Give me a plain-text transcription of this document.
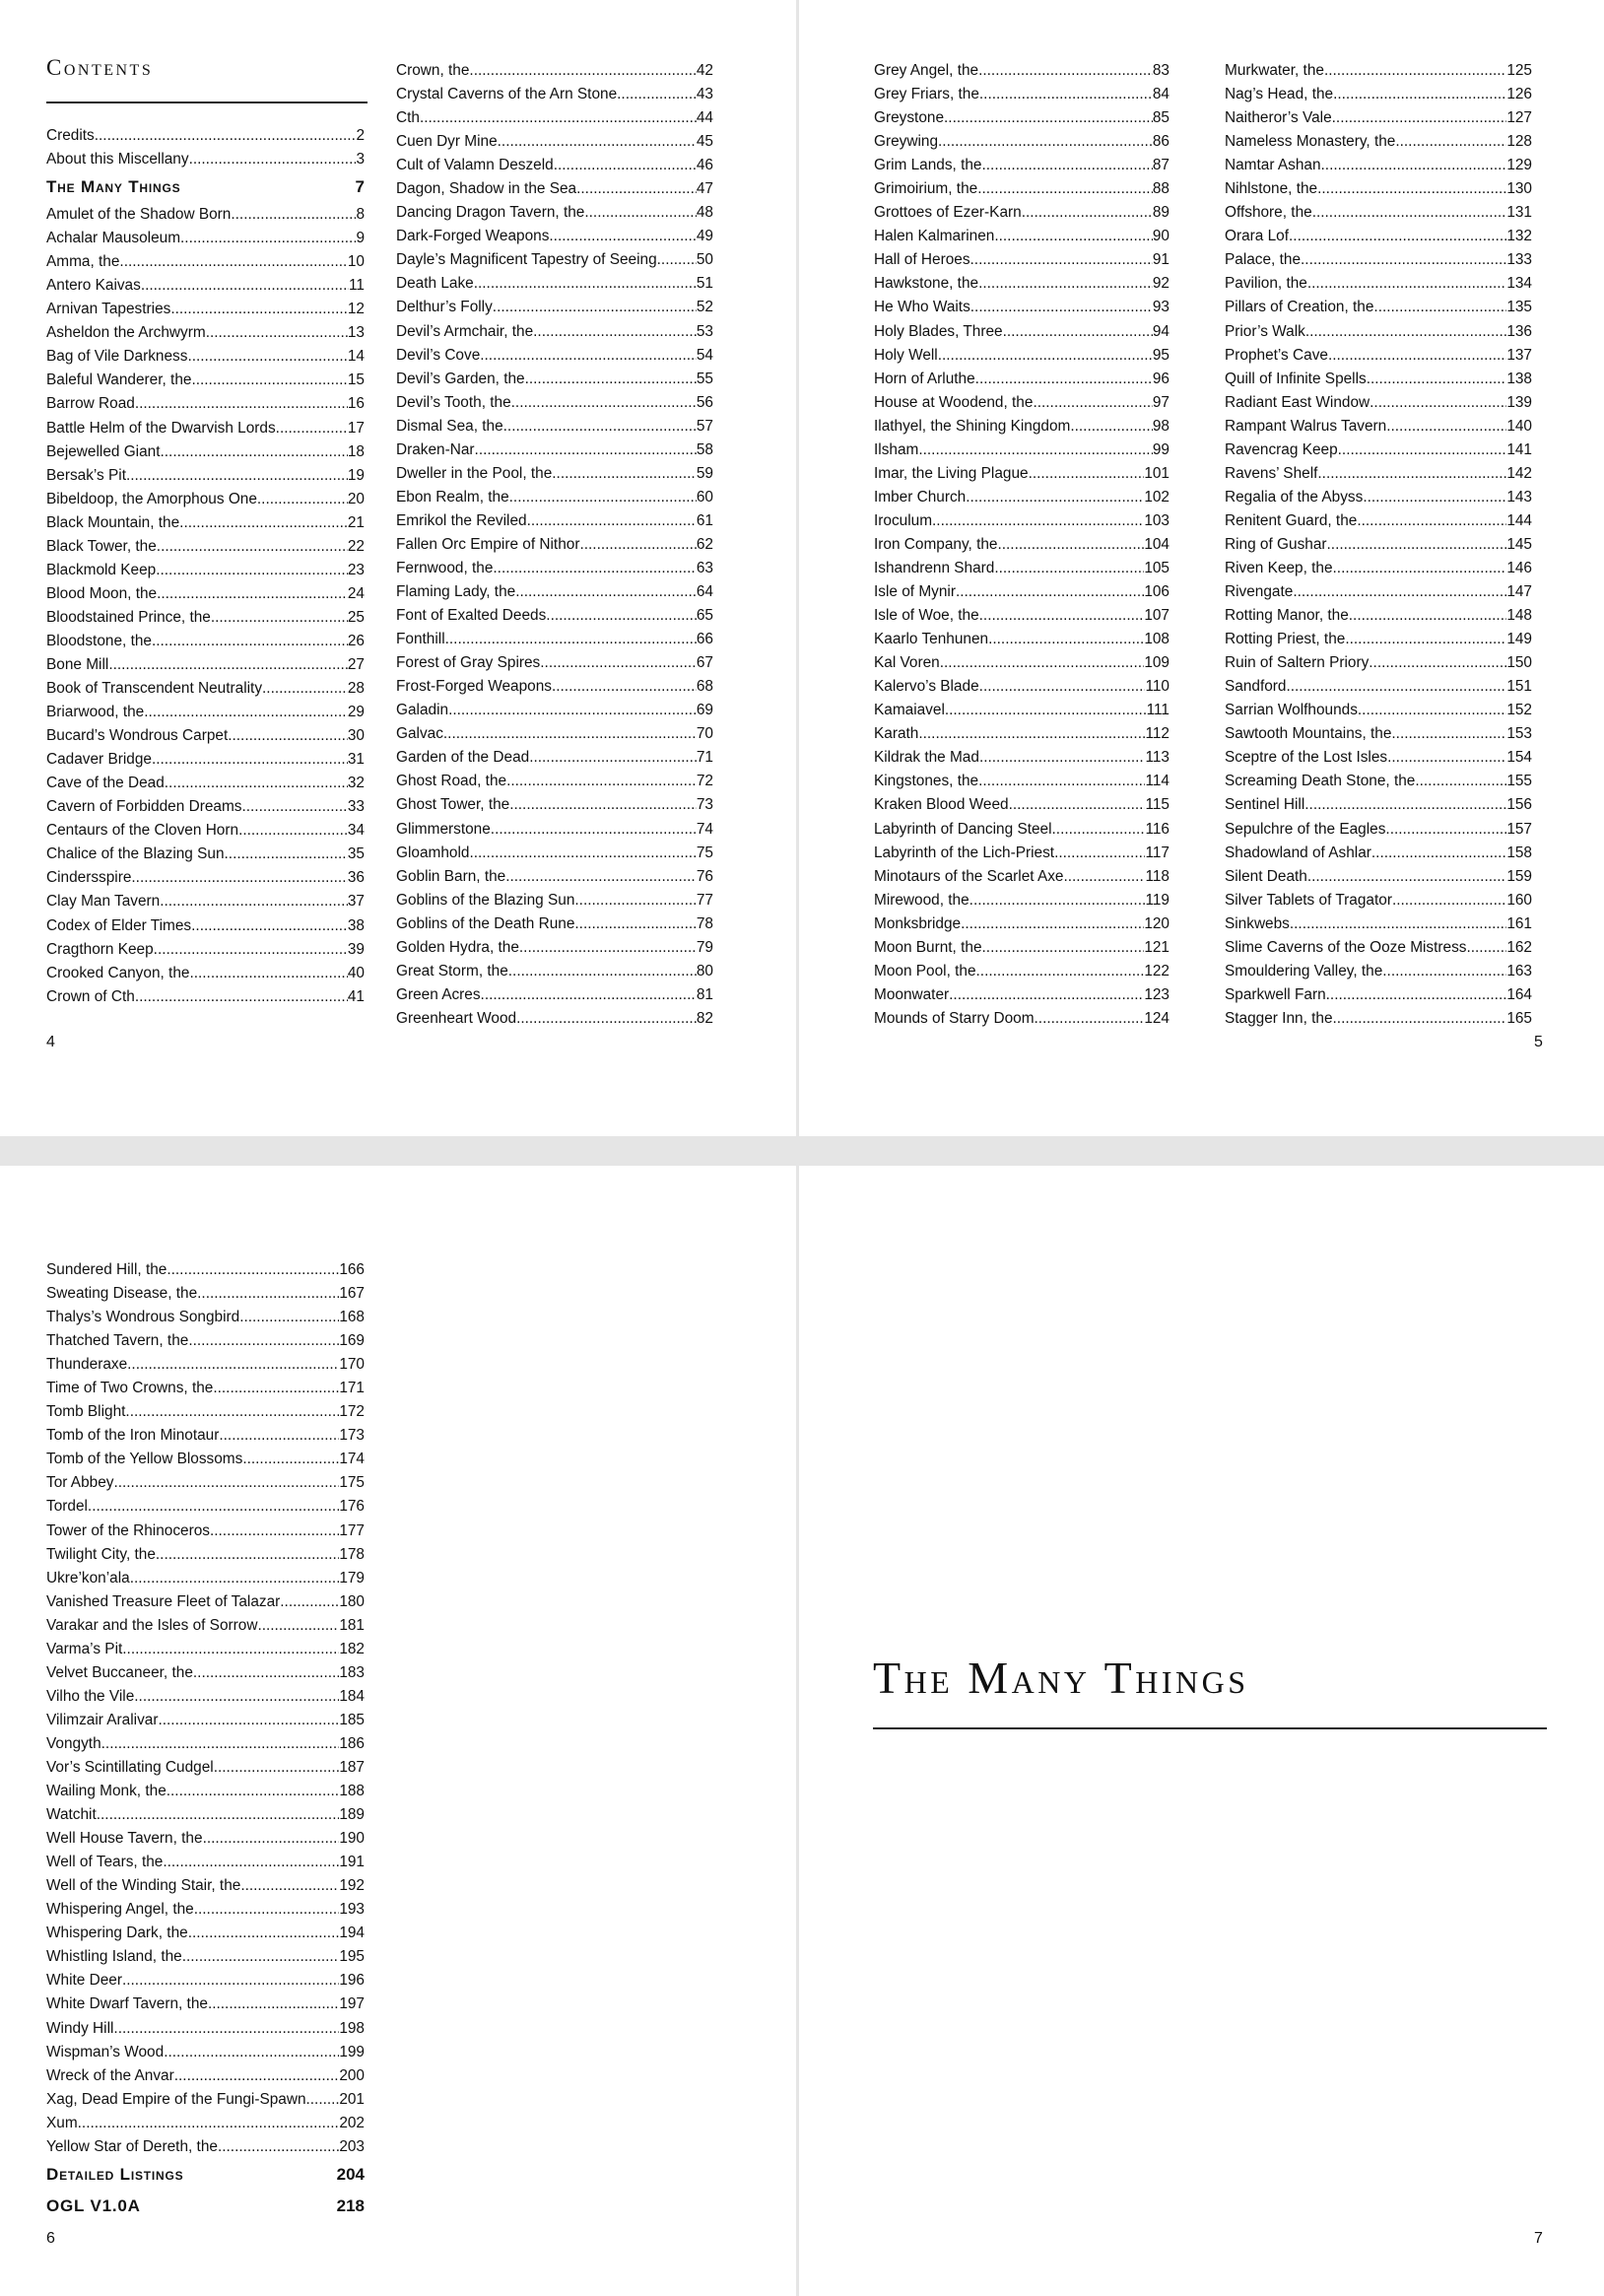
Contents
Credits .....	2
About this Miscellany .....	3
The Many Things	7
Amulet of the Shadow Born .....	8
Achalar Mausoleum .....	9
Amma, the .....	10
Antero Kaivas .....	11
Arnivan Tapestries .....	12
Asheldon the Archwyrm .....	13
Bag of Vile Darkness .....	14
Baleful Wanderer, the .....	15
Barrow Road .....	16
Battle Helm of the Dwarvish Lords .....	17
Bejewelled Giant .....	18
Bersak’s Pit .....	19
Bibeldoop, the Amorphous One .....	20
Black Mountain, the .....	21
Black Tower, the .....	22
Blackmold Keep .....	23
Blood Moon, the .....	24
Bloodstained Prince, the .....	25
Bloodstone, the .....	26
Bone Mill .....	27
Book of Transcendent Neutrality .....	28
Briarwood, the .....	29
Bucard’s Wondrous Carpet .....	30
Cadaver Bridge .....	31
Cave of the Dead .....	32
Cavern of Forbidden Dreams .....	33
Centaurs of the Cloven Horn .....	34
Chalice of the Blazing Sun .....	35
Cindersspire .....	36
Clay Man Tavern .....	37
Codex of Elder Times .....	38
Cragthorn Keep .....	39
Crooked Canyon, the .....	40
Crown of Cth .....	41
Crown, the .....	42
Crystal Caverns of the Arn Stone .....	43
Cth .....	44
Cuen Dyr Mine .....	45
Cult of Valamn Deszeld .....	46
Dagon, Shadow in the Sea .....	47
Dancing Dragon Tavern, the .....	48
Dark-Forged Weapons .....	49
Dayle’s Magnificent Tapestry of Seeing .....	50
Death Lake .....	51
Delthur’s Folly .....	52
Devil’s Armchair, the .....	53
Devil’s Cove .....	54
Devil’s Garden, the .....	55
Devil’s Tooth, the .....	56
Dismal Sea, the .....	57
Draken-Nar .....	58
Dweller in the Pool, the .....	59
Ebon Realm, the .....	60
Emrikol the Reviled .....	61
Fallen Orc Empire of Nithor .....	62
Fernwood, the .....	63
Flaming Lady, the .....	64
Font of Exalted Deeds .....	65
Fonthill .....	66
Forest of Gray Spires .....	67
Frost-Forged Weapons .....	68
Galadin .....	69
Galvac .....	70
Garden of the Dead .....	71
Ghost Road, the .....	72
Ghost Tower, the .....	73
Glimmerstone .....	74
Gloamhold .....	75
Goblin Barn, the .....	76
Goblins of the Blazing Sun .....	77
Goblins of the Death Rune .....	78
Golden Hydra, the .....	79
Great Storm, the .....	80
Green Acres .....	81
Greenheart Wood .....	82
4
Grey Angel, the .....	83
Grey Friars, the .....	84
Greystone .....	85
Greywing .....	86
Grim Lands, the .....	87
Grimoirium, the .....	88
Grottoes of Ezer-Karn .....	89
Halen Kalmarinen .....	90
Hall of Heroes .....	91
Hawkstone, the .....	92
He Who Waits .....	93
Holy Blades, Three .....	94
Holy Well .....	95
Horn of Arluthe .....	96
House at Woodend, the .....	97
Ilathyel, the Shining Kingdom .....	98
Ilsham .....	99
Imar, the Living Plague .....	101
Imber Church .....	102
Iroculum .....	103
Iron Company, the .....	104
Ishandrenn Shard .....	105
Isle of Mynir .....	106
Isle of Woe, the .....	107
Kaarlo Tenhunen .....	108
Kal Voren .....	109
Kalervo’s Blade .....	110
Kamaiavel .....	111
Karath .....	112
Kildrak the Mad .....	113
Kingstones, the .....	114
Kraken Blood Weed .....	115
Labyrinth of Dancing Steel .....	116
Labyrinth of the Lich-Priest .....	117
Minotaurs of the Scarlet Axe .....	118
Mirewood, the .....	119
Monksbridge .....	120
Moon Burnt, the .....	121
Moon Pool, the .....	122
Moonwater .....	123
Mounds of Starry Doom .....	124
Murkwater, the .....	125
Nag’s Head, the .....	126
Naitheror’s Vale .....	127
Nameless Monastery, the .....	128
Namtar Ashan .....	129
Nihlstone, the .....	130
Offshore, the .....	131
Orara Lof .....	132
Palace, the .....	133
Pavilion, the .....	134
Pillars of Creation, the .....	135
Prior’s Walk .....	136
Prophet’s Cave .....	137
Quill of Infinite Spells .....	138
Radiant East Window .....	139
Rampant Walrus Tavern .....	140
Ravencrag Keep .....	141
Ravens’ Shelf .....	142
Regalia of the Abyss .....	143
Renitent Guard, the .....	144
Ring of Gushar .....	145
Riven Keep, the .....	146
Rivengate .....	147
Rotting Manor, the .....	148
Rotting Priest, the .....	149
Ruin of Saltern Priory .....	150
Sandford .....	151
Sarrian Wolfhounds .....	152
Sawtooth Mountains, the .....	153
Sceptre of the Lost Isles .....	154
Screaming Death Stone, the .....	155
Sentinel Hill .....	156
Sepulchre of the Eagles .....	157
Shadowland of Ashlar .....	158
Silent Death .....	159
Silver Tablets of Tragator .....	160
Sinkwebs .....	161
Slime Caverns of the Ooze Mistress .....	162
Smouldering Valley, the .....	163
Sparkwell Farn .....	164
Stagger Inn, the .....	165
5
Sundered Hill, the .....	166
Sweating Disease, the .....	167
Thalys’s Wondrous Songbird .....	168
Thatched Tavern, the .....	169
Thunderaxe .....	170
Time of Two Crowns, the .....	171
Tomb Blight .....	172
Tomb of the Iron Minotaur .....	173
Tomb of the Yellow Blossoms .....	174
Tor Abbey .....	175
Tordel .....	176
Tower of the Rhinoceros .....	177
Twilight City, the .....	178
Ukre’kon’ala .....	179
Vanished Treasure Fleet of Talazar .....	180
Varakar and the Isles of Sorrow .....	181
Varma’s Pit .....	182
Velvet Buccaneer, the .....	183
Vilho the Vile .....	184
Vilimzair Aralivar .....	185
Vongyth .....	186
Vor’s Scintillating Cudgel .....	187
Wailing Monk, the .....	188
Watchit .....	189
Well House Tavern, the .....	190
Well of Tears, the .....	191
Well of the Winding Stair, the .....	192
Whispering Angel, the .....	193
Whispering Dark, the .....	194
Whistling Island, the .....	195
White Deer .....	196
White Dwarf Tavern, the .....	197
Windy Hill .....	198
Wispman’s Wood .....	199
Wreck of the Anvar .....	200
Xag, Dead Empire of the Fungi-Spawn ..... 201
Xum .....	202
Yellow Star of Dereth, the .....	203
Detailed Listings	204
OGL V1.0A	218
6	7
The Many Things
